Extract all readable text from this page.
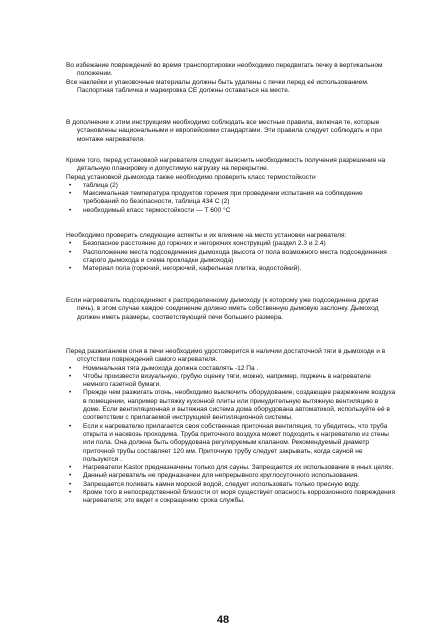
Во избежание повреждений во время транспортировки необходимо передвигать печку в вертикальном положении.

Все наклейки и упаковочные материалы должны быть удалены с печки перед её использованием. Паспортная табличка и маркировка CE должны оставаться на месте.

В дополнение к этим инструкциям необходимо соблюдать все местные правила, включая те, которые установлены национальными и европейскими стандартами. Эти правила следует соблюдать и при монтаже нагревателя.

Кроме того, перед установкой нагревателя следует выяснить необходимость получения разрешения на детальную планировку и допустимую нагрузку на перекрытие.

Перед установкой дымохода также необходимо проверить класс термостойкости

• таблица (2)

• Максимальная температура продуктов горения при проведении испытания на соблюдение требований по безопасности, таблица 434 C (2)

• необходимый класс термостойкости — T 600 °C

Необходимо проверить следующие аспекты и их влияние на место установки нагревателя:

• Безопасное расстояние до горючих и негорючих конструкций (раздел 2.3 и 2.4)

• Расположение места подсоединения дымохода (высота от пола возможного места подсоединения старого дымохода и схема прокладки дымохода)

• Материал пола (горючий, негорючий, кафельная плитка, водостойкий).

Если нагреватель подсоединяют к распределенному дымоходу (к которому уже подсоединена другая печь), в этом случае каждое соединение должно иметь собственную дымовую заслонку. Дымоход должен иметь размеры, соответствующий печи большего размера.

Перед разжиганием огня в печи необходимо удостоверится в наличии достаточной тяги в дымоходе и в отсутствии повреждений самого нагревателя.

• Номинальная тяга дымохода должна составлять -12 Па .

• Чтобы произвести визуальную, грубую оценку тяги, можно, например, поджечь в нагревателе немного газетной бумаги.

• Прежде чем разжигать огонь, необходимо выключить оборудование, создающее разрежение воздуха в помещении, например вытяжку кухонной плиты или принудительную вытяжную вентиляцию в доме. Если вентиляционная и вытяжная система дома оборудована автоматикой, используйте её в соответствии с прилагаемой инструкцией вентиляционной системы.

• Если к нагревателю прилагается своя собственная приточная вентиляция, то убедитесь, что трубa открыта и насквозь проходима. Труба приточного воздуха может подходить к нагревателю из стены или пола. Она должна быть оборудована регулируемым клапаном. Рекомендуемый диаметр приточной трубы составляет 120 мм. Приточную трубу следует закрывать, когда сауной не пользуются .

• Нагреватели Kastor предназначены только для сауны. Запрещается их использование в иных целях.

• Данный нагреватель не предназначен для непрерывного круглосуточного использования.

• Запрещается поливать камни морской водой, следует использовать только пресную воду.

• Кроме того в непосредственной близости от моря существует опасность коррозионного повреждения нагревателя; это ведет к сокращению срока службы.

48
